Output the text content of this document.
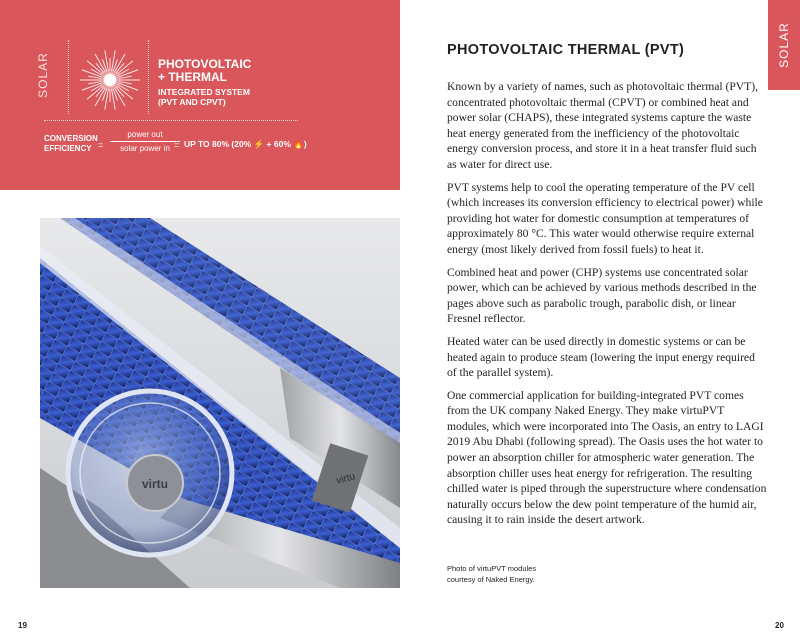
SOLAR	PHOTOVOLTAIC
+ THERMAL
INTEGRATED SYSTEM
(PVT AND CPVT)
CONVERSION
EFFICIENCY =
power out
solar power in = UP TO 80% (20% ⚡ + 60% 🔥)
virtu	virtu
19
SOLAR
PHOTOVOLTAIC THERMAL (PVT)

Known by a variety of names, such as photovoltaic thermal (PVT), concentrated photovoltaic thermal (CPVT) or combined heat and power solar (CHAPS), these integrated systems capture the waste heat energy generated from the inefficiency of the photovoltaic energy conversion process, and store it in a heat transfer fluid such as water for direct use.

PVT systems help to cool the operating temperature of the PV cell (which increases its conversion efficiency to electrical power) while providing hot water for domestic consumption at temperatures of approximately 80 °C. This water would otherwise require external energy (most likely derived from fossil fuels) to heat it.

Combined heat and power (CHP) systems use concentrated solar power, which can be achieved by various methods described in the pages above such as parabolic trough, parabolic dish, or linear Fresnel reflector.

Heated water can be used directly in domestic systems or can be heated again to produce steam (lowering the input energy required of the parallel system).

One commercial application for building-integrated PVT comes from the UK company Naked Energy. They make virtuPVT modules, which were incorporated into The Oasis, an entry to LAGI 2019 Abu Dhabi (following spread). The Oasis uses the hot water to power an absorption chiller for atmospheric water generation. The absorption chiller uses heat energy for refrigeration. The resulting chilled water is piped through the superstructure where condensation naturally occurs below the dew point temperature of the humid air, causing it to rain inside the desert artwork.

Photo of virtuPVT modules
courtesy of Naked Energy.
20
